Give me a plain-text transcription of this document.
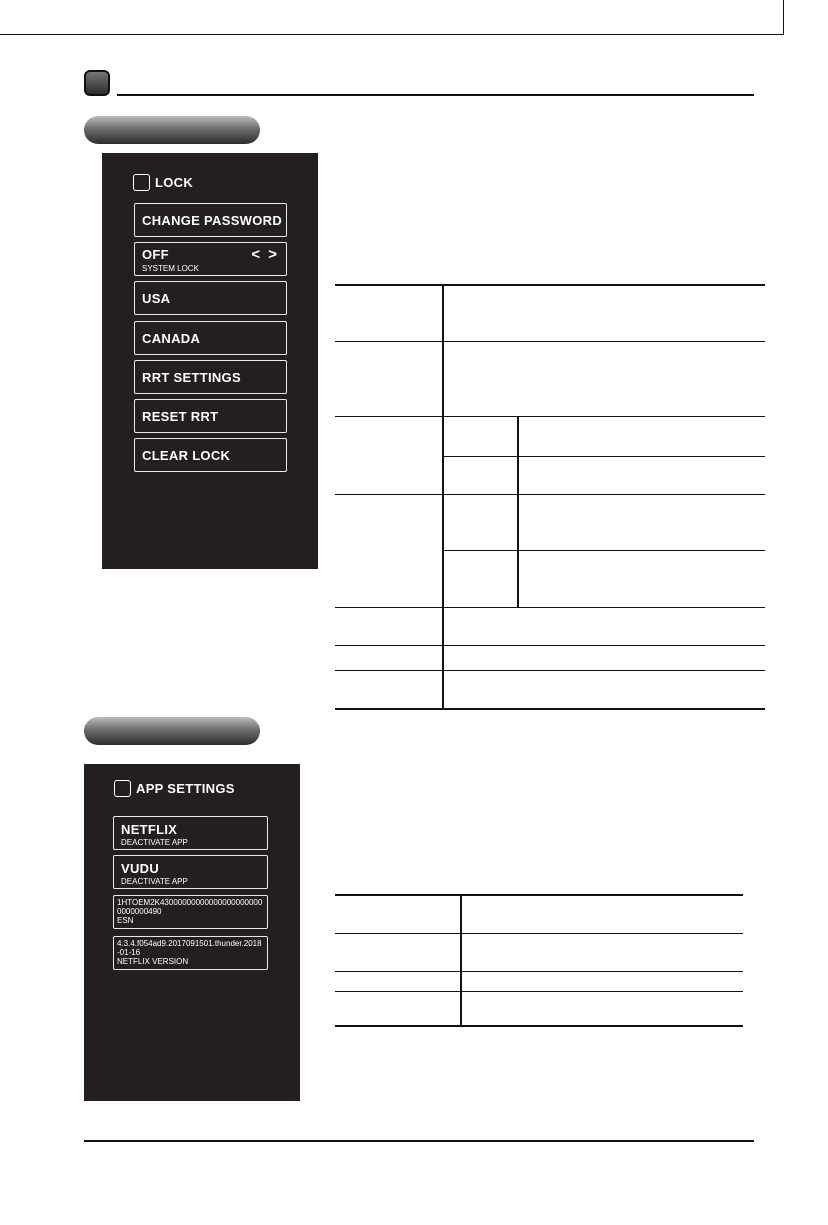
LOCK
CHANGE PASSWORD
OFF
SYSTEM LOCK
< >
USA
CANADA
RRT SETTINGS
RESET RRT
CLEAR LOCK
APP SETTINGS
NETFLIX
DEACTIVATE APP
VUDU
DEACTIVATE APP
1HTOEM2K430000000000000000000000000000490
ESN
4.3.4.f054ad9.2017091501.thunder.2018-01-16
NETFLIX VERSION
